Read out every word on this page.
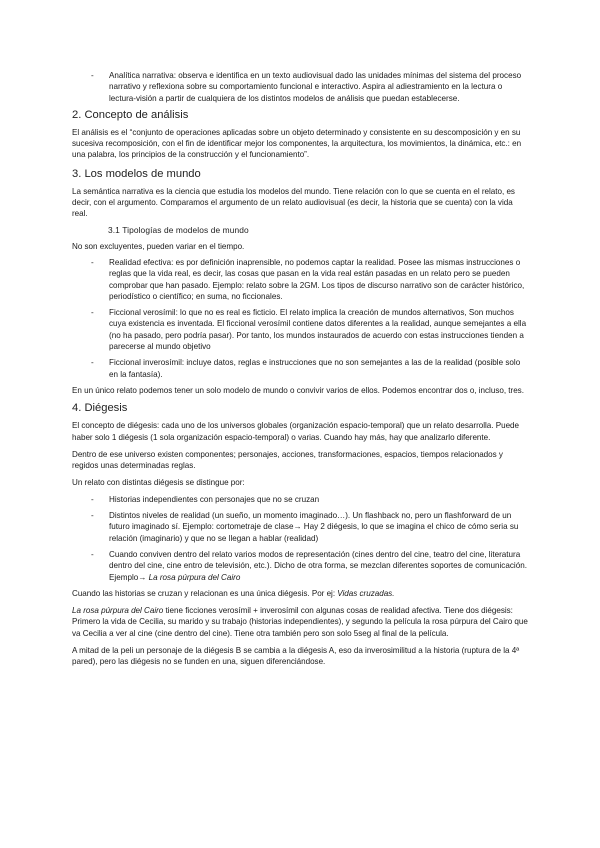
- Analítica narrativa: observa e identifica en un texto audiovisual dado las unidades mínimas del sistema del proceso narrativo y reflexiona sobre su comportamiento funcional e interactivo. Aspira al adiestramiento en la lectura o lectura-visión a partir de cualquiera de los distintos modelos de análisis que puedan establecerse.
2. Concepto de análisis

El análisis es el “conjunto de operaciones aplicadas sobre un objeto determinado y consistente en su descomposición y en su sucesiva recomposición, con el fin de identificar mejor los componentes, la arquitectura, los movimientos, la dinámica, etc.: en una palabra, los principios de la construcción y el funcionamiento”.

3. Los modelos de mundo

La semántica narrativa es la ciencia que estudia los modelos del mundo. Tiene relación con lo que se cuenta en el relato, es decir, con el argumento. Comparamos el argumento de un relato audiovisual (es decir, la historia que se cuenta) con la vida real.

3.1 Tipologías de modelos de mundo

No son excluyentes, pueden variar en el tiempo.

- Realidad efectiva: es por definición inaprensible, no podemos captar la realidad. Posee las mismas instrucciones o reglas que la vida real, es decir, las cosas que pasan en la vida real están pasadas en un relato pero se pueden comprobar que han pasado. Ejemplo: relato sobre la 2GM. Los tipos de discurso narrativo son de carácter histórico, periodístico o científico; en suma, no ficcionales.
- Ficcional verosímil: lo que no es real es ficticio. El relato implica la creación de mundos alternativos, Son muchos cuya existencia es inventada. El ficcional verosímil contiene datos diferentes a la realidad, aunque semejantes a ella (no ha pasado, pero podría pasar). Por tanto, los mundos instaurados de acuerdo con estas instrucciones tienden a parecerse al mundo objetivo
- Ficcional inverosímil: incluye datos, reglas e instrucciones que no son semejantes a las de la realidad (posible solo en la fantasía).

En un único relato podemos tener un solo modelo de mundo o convivir varios de ellos. Podemos encontrar dos o, incluso, tres.

4. Diégesis

El concepto de diégesis: cada uno de los universos globales (organización espacio-temporal) que un relato desarrolla. Puede haber solo 1 diégesis (1 sola organización espacio-temporal) o varias. Cuando hay más, hay que analizarlo diferente.

Dentro de ese universo existen componentes; personajes, acciones, transformaciones, espacios, tiempos relacionados y regidos unas determinadas reglas.

Un relato con distintas diégesis se distingue por:

- Historias independientes con personajes que no se cruzan
- Distintos niveles de realidad (un sueño, un momento imaginado…). Un flashback no, pero un flashforward de un futuro imaginado sí. Ejemplo: cortometraje de clase→ Hay 2 diégesis, lo que se imagina el chico de cómo seria su relación (imaginario) y que no se llegan a hablar (realidad)
- Cuando conviven dentro del relato varios modos de representación (cines dentro del cine, teatro del cine, literatura dentro del cine, cine entro de televisión, etc.). Dicho de otra forma, se mezclan diferentes soportes de comunicación. Ejemplo→ La rosa púrpura del Cairo

Cuando las historias se cruzan y relacionan es una única diégesis. Por ej: Vidas cruzadas.

La rosa púrpura del Cairo tiene ficciones verosímil + inverosímil con algunas cosas de realidad afectiva. Tiene dos diégesis: Primero la vida de Cecilia, su marido y su trabajo (historias independientes), y segundo la película la rosa púrpura del Cairo que va Cecilia a ver al cine (cine dentro del cine). Tiene otra también pero son solo 5seg al final de la película.

A mitad de la peli un personaje de la diégesis B se cambia a la diégesis A, eso da inverosimilitud a la historia (ruptura de la 4ª pared), pero las diégesis no se funden en una, siguen diferenciándose.
